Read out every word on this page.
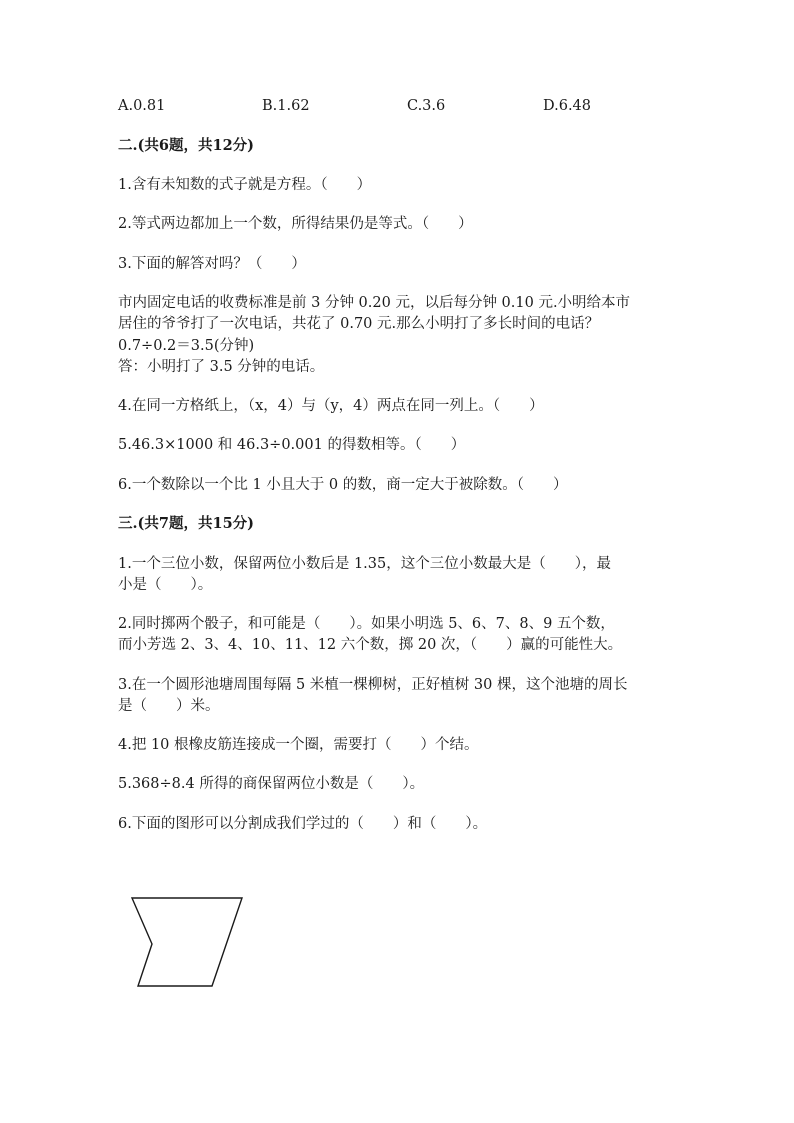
A.0.81	B.1.62	C.3.6	D.6.48
二.(共6题，共12分)
1.含有未知数的式子就是方程。（　　）
2.等式两边都加上一个数，所得结果仍是等式。（　　）
3.下面的解答对吗？（　　）
市内固定电话的收费标准是前 3 分钟 0.20 元，以后每分钟 0.10 元.小明给本市
居住的爷爷打了一次电话，共花了 0.70 元.那么小明打了多长时间的电话？
0.7÷0.2＝3.5(分钟)
答：小明打了 3.5 分钟的电话。
4.在同一方格纸上，（x，4）与（y，4）两点在同一列上。（　　）
5.46.3×1000 和 46.3÷0.001 的得数相等。（　　）
6.一个数除以一个比 1 小且大于 0 的数，商一定大于被除数。（　　）
三.(共7题，共15分)
1.一个三位小数，保留两位小数后是 1.35，这个三位小数最大是（　　），最
小是（　　）。
2.同时掷两个骰子，和可能是（　　）。如果小明选 5、6、7、8、9 五个数，
而小芳选 2、3、4、10、11、12 六个数，掷 20 次，（　　）赢的可能性大。
3.在一个圆形池塘周围每隔 5 米植一棵柳树，正好植树 30 棵，这个池塘的周长
是（　　）米。
4.把 10 根橡皮筋连接成一个圈，需要打（　　）个结。
5.368÷8.4 所得的商保留两位小数是（　　）。
6.下面的图形可以分割成我们学过的（　　）和（　　）。
